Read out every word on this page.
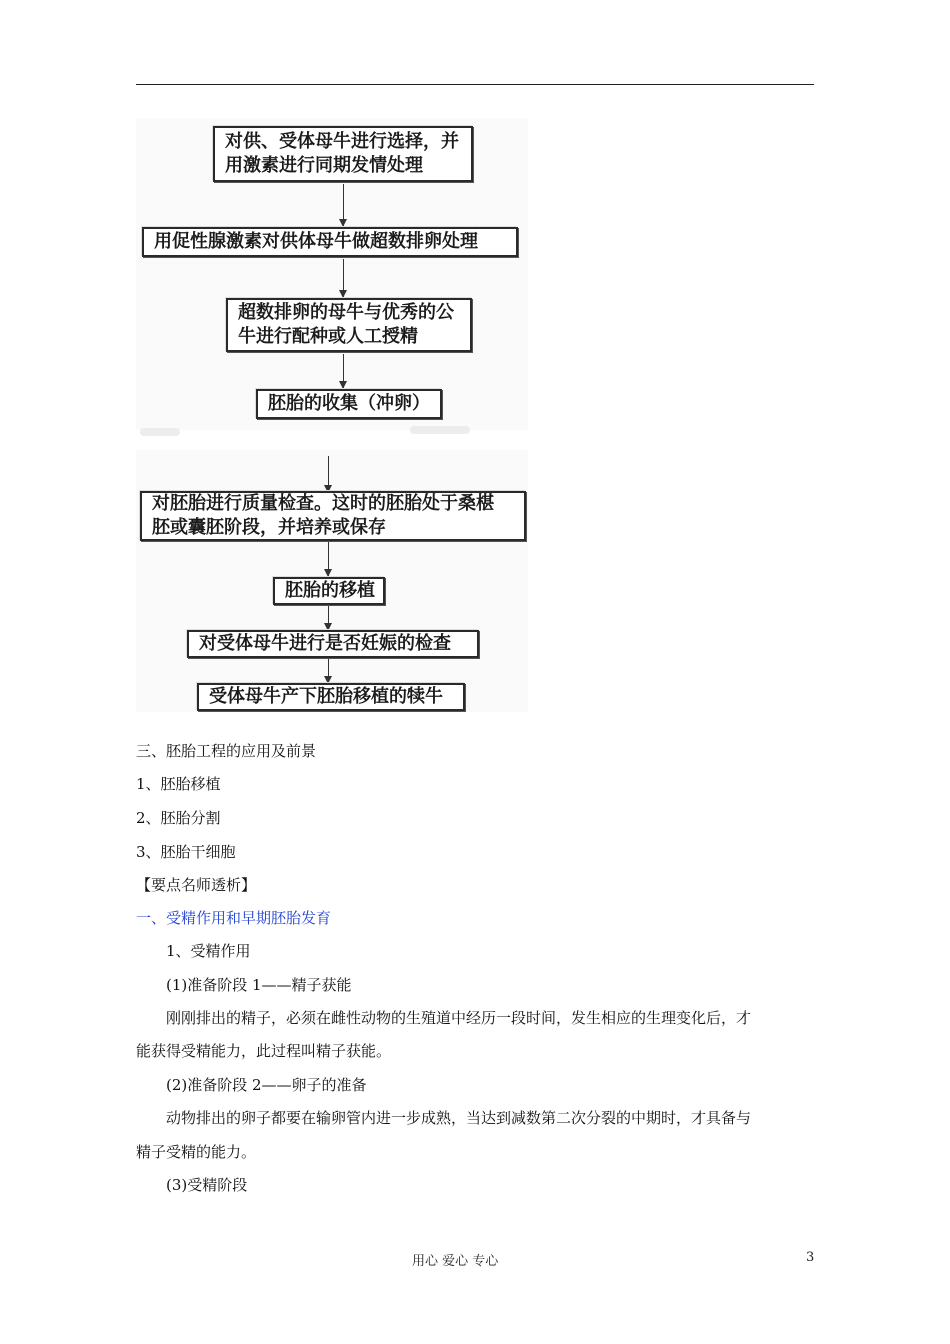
对供、受体母牛进行选择，并
用激素进行同期发情处理
用促性腺激素对供体母牛做超数排卵处理
超数排卵的母牛与优秀的公
牛进行配种或人工授精
胚胎的收集（冲卵）
对胚胎进行质量检查。这时的胚胎处于桑椹
胚或囊胚阶段，并培养或保存
胚胎的移植
对受体母牛进行是否妊娠的检查
受体母牛产下胚胎移植的犊牛
三、胚胎工程的应用及前景
1、胚胎移植
2、胚胎分割
3、胚胎干细胞
【要点名师透析】
一、受精作用和早期胚胎发育
1、受精作用
(1)准备阶段 1——精子获能
刚刚排出的精子，必须在雌性动物的生殖道中经历一段时间，发生相应的生理变化后，才
能获得受精能力，此过程叫精子获能。
(2)准备阶段 2——卵子的准备
动物排出的卵子都要在输卵管内进一步成熟，当达到减数第二次分裂的中期时，才具备与
精子受精的能力。
(3)受精阶段
用心 爱心 专心	3
